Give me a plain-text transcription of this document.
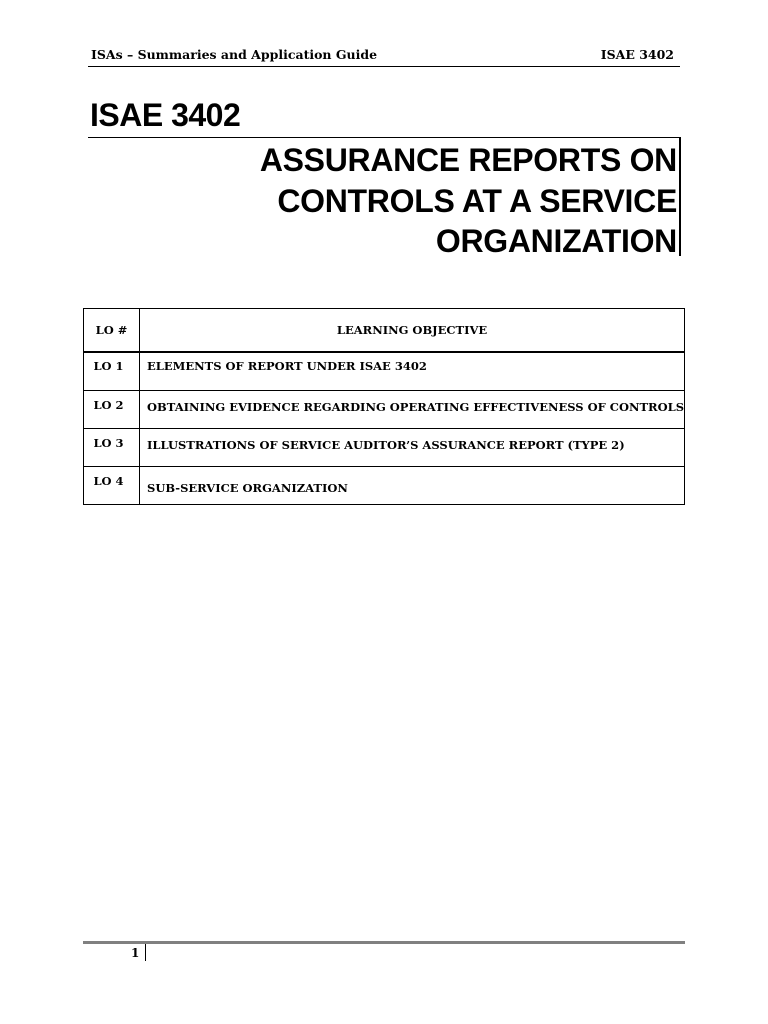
ISAs – Summaries and Application Guide	ISAE 3402
ISAE 3402
ASSURANCE REPORTS ON
CONTROLS AT A SERVICE
ORGANIZATION
LO #	LEARNING OBJECTIVE

LO 1	ELEMENTS OF REPORT UNDER ISAE 3402

LO 2	OBTAINING EVIDENCE REGARDING OPERATING EFFECTIVENESS OF CONTROLS

LO 3	ILLUSTRATIONS OF SERVICE AUDITOR’S ASSURANCE REPORT (TYPE 2)

LO 4	SUB-SERVICE ORGANIZATION
1
